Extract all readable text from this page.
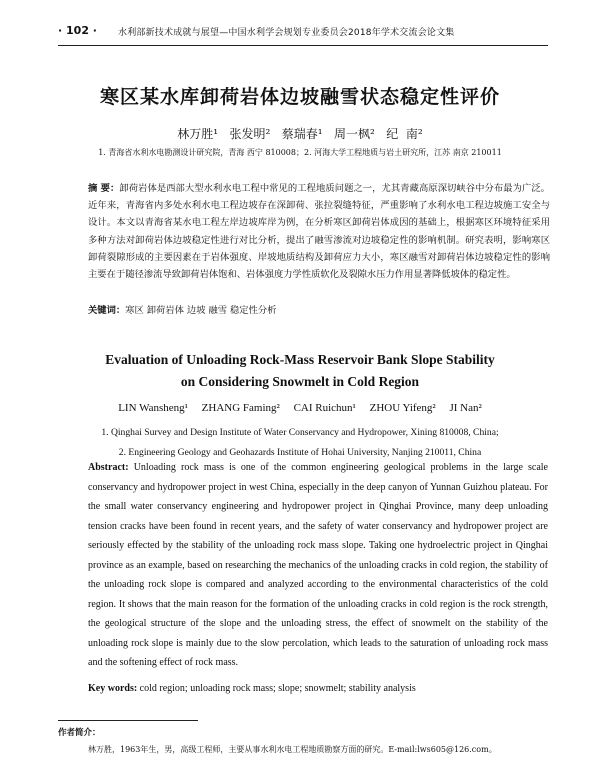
· 102 · 水利部新技术成就与展望—中国水利学会规划专业委员会2018年学术交流会论文集
寒区某水库卸荷岩体边坡融雪状态稳定性评价
林万胜¹   张发明²   蔡瑞春¹   周一枫²   纪  南²
1. 青海省水利水电勘测设计研究院，青海 西宁 810008；2. 河海大学工程地质与岩土研究所，江苏 南京 210011
摘 要：卸荷岩体是西部大型水利水电工程中常见的工程地质问题之一，尤其青藏高原深切峡谷中分布最为广泛。近年来，青海省内多处水利水电工程边坡存在深卸荷、张拉裂缝特征，严重影响了水利水电工程边坡施工安全与设计。本文以青海省某水电工程左岸边坡库岸为例，在分析寒区卸荷岩体成因的基础上，根据寒区环境特征采用多种方法对卸荷岩体边坡稳定性进行对比分析，提出了融雪渗流对边坡稳定性的影响机制。研究表明，影响寒区卸荷裂隙形成的主要因素在于岩体强度、岸坡地质结构及卸荷应力大小，寒区融雪对卸荷岩体边坡稳定性的影响主要在于随径渗流导致卸荷岩体饱和、岩体强度力学性质软化及裂隙水压力作用显著降低坡体的稳定性。
关键词：寒区 卸荷岩体 边坡 融雪 稳定性分析
Evaluation of Unloading Rock-Mass Reservoir Bank Slope Stability
on Considering Snowmelt in Cold Region
LIN Wansheng¹     ZHANG Faming²     CAI Ruichun¹     ZHOU Yifeng²     JI Nan²
1. Qinghai Survey and Design Institute of Water Conservancy and Hydropower, Xining 810008, China;
2. Engineering Geology and Geohazards Institute of Hohai University, Nanjing 210011, China
Abstract: Unloading rock mass is one of the common engineering geological problems in the large scale conservancy and hydropower project in west China, especially in the deep canyon of Yunnan Guizhou plateau. For the small water conservancy engineering and hydropower project in Qinghai Province, many deep unloading tension cracks have been found in recent years, and the safety of water conservancy and hydropower project are seriously effected by the stability of the unloading rock mass slope. Taking one hydroelectric project in Qinghai province as an example, based on researching the mechanics of the unloading cracks in cold region, the stability of the unloading rock slope is compared and analyzed according to the environmental characteristics of the cold region. It shows that the main reason for the formation of the unloading cracks in cold region is the rock strength, the geological structure of the slope and the unloading stress, the effect of snowmelt on the stability of the unloading rock slope is mainly due to the slow percolation, which leads to the saturation of unloading rock mass and the softening effect of rock mass.
Key words: cold region; unloading rock mass; slope; snowmelt; stability analysis
作者简介：
林万胜，1963年生，男，高级工程师，主要从事水利水电工程地质勘察方面的研究。E-mail:lws605@126.com。
